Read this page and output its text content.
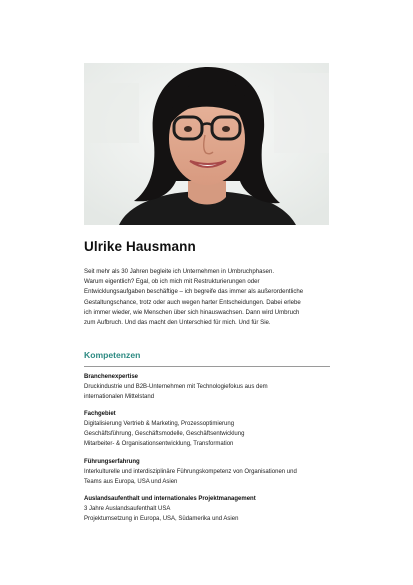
Ulrike Hausmann
Seit mehr als 30 Jahren begleite ich Unternehmen in Umbruchphasen.
Warum eigentlich? Egal, ob ich mich mit Restrukturierungen oder
Entwicklungsaufgaben beschäftige – ich begreife das immer als außerordentliche
Gestaltungschance, trotz oder auch wegen harter Entscheidungen. Dabei erlebe
ich immer wieder, wie Menschen über sich hinauswachsen. Dann wird Umbruch
zum Aufbruch. Und das macht den Unterschied für mich. Und für Sie.
Kompetenzen
Branchenexpertise
Druckindustrie und B2B-Unternehmen mit Technologiefokus aus dem
internationalen Mittelstand
Fachgebiet
Digitalisierung Vertrieb & Marketing, Prozessoptimierung
Geschäftsführung, Geschäftsmodelle, Geschäftsentwicklung
Mitarbeiter- & Organisationsentwicklung, Transformation
Führungserfahrung
Interkulturelle und interdisziplinäre Führungskompetenz von Organisationen und
Teams aus Europa, USA und Asien
Auslandsaufenthalt und internationales Projektmanagement
3 Jahre Auslandsaufenthalt USA
Projektumsetzung in Europa, USA, Südamerika und Asien
